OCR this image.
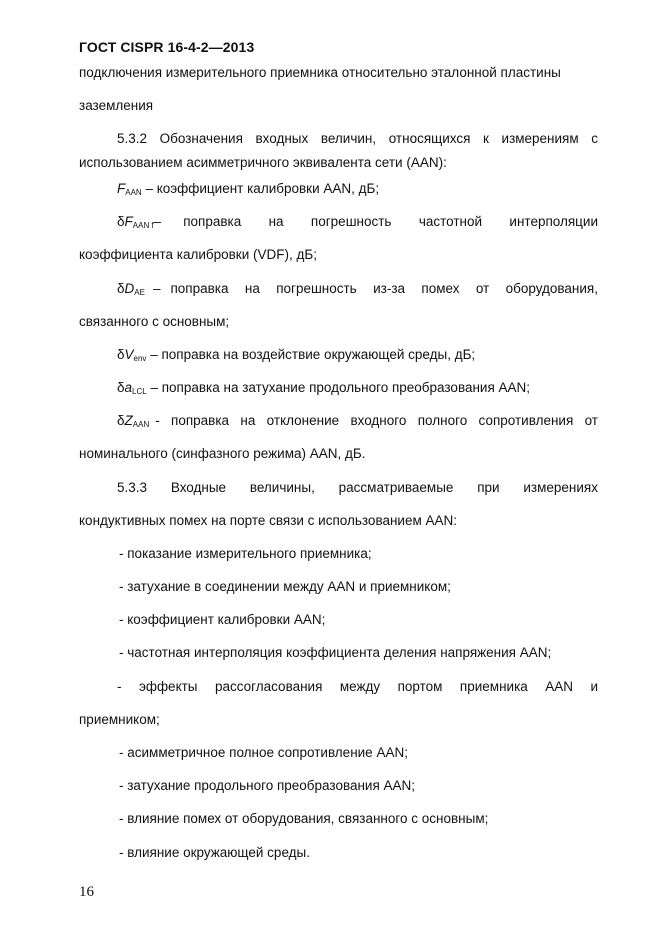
ГОСТ CISPR 16-4-2—2013
подключения измерительного приемника относительно эталонной пластины
заземления
5.3.2 Обозначения входных величин, относящихся к измерениям с
использованием асимметричного эквивалента сети (AAN):
$F_{AAN}$ – коэффициент калибровки AAN, дБ;
$\delta F_{AAN f}-$ поправка на погрешность частотной интерполяции
коэффициента калибровки (VDF), дБ;
$\delta D_{AE}$ – поправка на погрешность из-за помех от оборудования,
связанного с основным;
$\delta V_{env}$ – поправка на воздействие окружающей среды, дБ;
$\delta a_{LCL}$ – поправка на затухание продольного преобразования AAN;
$\delta Z_{AAN}$ - поправка на отклонение входного полного сопротивления от
номинального (синфазного режима) AAN, дБ.
5.3.3 Входные величины, рассматриваемые при измерениях
кондуктивных помех на порте связи с использованием AAN:
- показание измерительного приемника;
- затухание в соединении между AAN и приемником;
- коэффициент калибровки AAN;
- частотная интерполяция коэффициента деления напряжения AAN;
- эффекты рассогласования между портом приемника AAN и
приемником;
- асимметричное полное сопротивление AAN;
- затухание продольного преобразования AAN;
- влияние помех от оборудования, связанного с основным;
- влияние окружающей среды.
16
